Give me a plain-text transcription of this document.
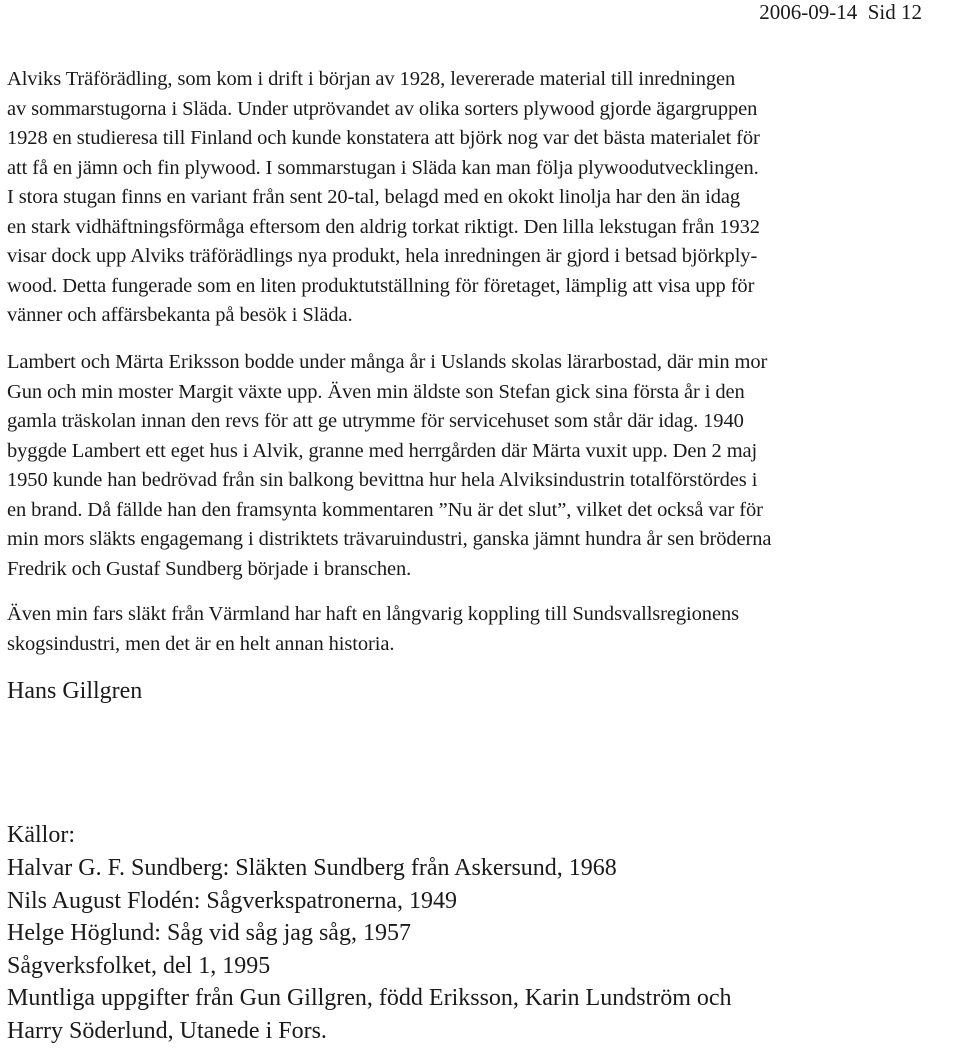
2006-09-14 Sid 12
Alviks Träförädling, som kom i drift i början av 1928, levererade material till inredningen
av sommarstugorna i Släda. Under utprövandet av olika sorters plywood gjorde ägargruppen
1928 en studieresa till Finland och kunde konstatera att björk nog var det bästa materialet för
att få en jämn och fin plywood. I sommarstugan i Släda kan man följa plywoodutvecklingen.
I stora stugan finns en variant från sent 20-tal, belagd med en okokt linolja har den än idag
en stark vidhäftningsförmåga eftersom den aldrig torkat riktigt. Den lilla lekstugan från 1932
visar dock upp Alviks träförädlings nya produkt, hela inredningen är gjord i betsad björkply-
wood. Detta fungerade som en liten produktutställning för företaget, lämplig att visa upp för
vänner och affärsbekanta på besök i Släda.
Lambert och Märta Eriksson bodde under många år i Uslands skolas lärarbostad, där min mor
Gun och min moster Margit växte upp. Även min äldste son Stefan gick sina första år i den
gamla träskolan innan den revs för att ge utrymme för servicehuset som står där idag. 1940
byggde Lambert ett eget hus i Alvik, granne med herrgården där Märta vuxit upp. Den 2 maj
1950 kunde han bedrövad från sin balkong bevittna hur hela Alviksindustrin totalförstördes i
en brand. Då fällde han den framsynta kommentaren ”Nu är det slut”, vilket det också var för
min mors släkts engagemang i distriktets trävaruindustri, ganska jämnt hundra år sen bröderna
Fredrik och Gustaf Sundberg började i branschen.
Även min fars släkt från Värmland har haft en långvarig koppling till Sundsvallsregionens
skogsindustri, men det är en helt annan historia.
Hans Gillgren
Källor:
Halvar G. F. Sundberg: Släkten Sundberg från Askersund, 1968
Nils August Flodén: Sågverkspatronerna, 1949
Helge Höglund: Såg vid såg jag såg, 1957
Sågverksfolket, del 1, 1995
Muntliga uppgifter från Gun Gillgren, född Eriksson, Karin Lundström och
Harry Söderlund, Utanede i Fors.
